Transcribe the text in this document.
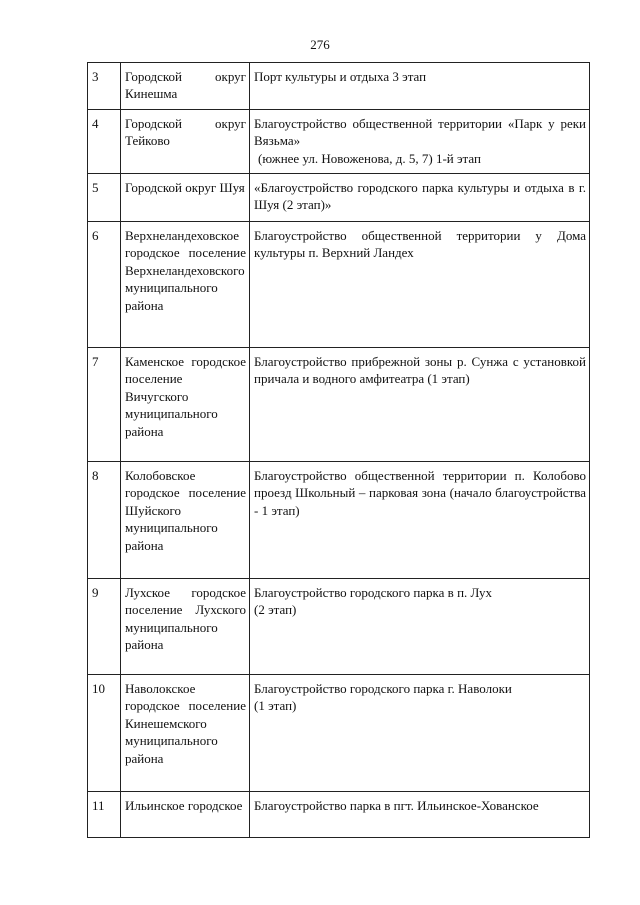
276
3	Городской округ Кинешма	Порт культуры и отдыха 3 этап

4	Городской округ Тейково	Благоустройство общественной территории «Парк у реки Вязьма»
(южнее ул. Новоженова, д. 5, 7) 1-й этап

5	Городской округ Шуя	«Благоустройство городского парка культуры и отдыха в г. Шуя (2 этап)»

6	Верхнеландеховское городское поселение Верхнеландеховского муниципального района	Благоустройство общественной территории у Дома культуры п. Верхний Ландех

7	Каменское городское поселение Вичугского муниципального района	Благоустройство прибрежной зоны р. Сунжа с установкой причала и водного амфитеатра (1 этап)

8	Колобовское городское поселение Шуйского муниципального района	Благоустройство общественной территории п. Колобово проезд Школьный – парковая зона (начало благоустройства - 1 этап)

9	Лухское городское поселение Лухского муниципального района	Благоустройство городского парка в п. Лух
(2 этап)

10	Наволокское городское поселение Кинешемского муниципального района	Благоустройство городского парка г. Наволоки
(1 этап)

11	Ильинское городское	Благоустройство парка в пгт. Ильинское-Хованское
